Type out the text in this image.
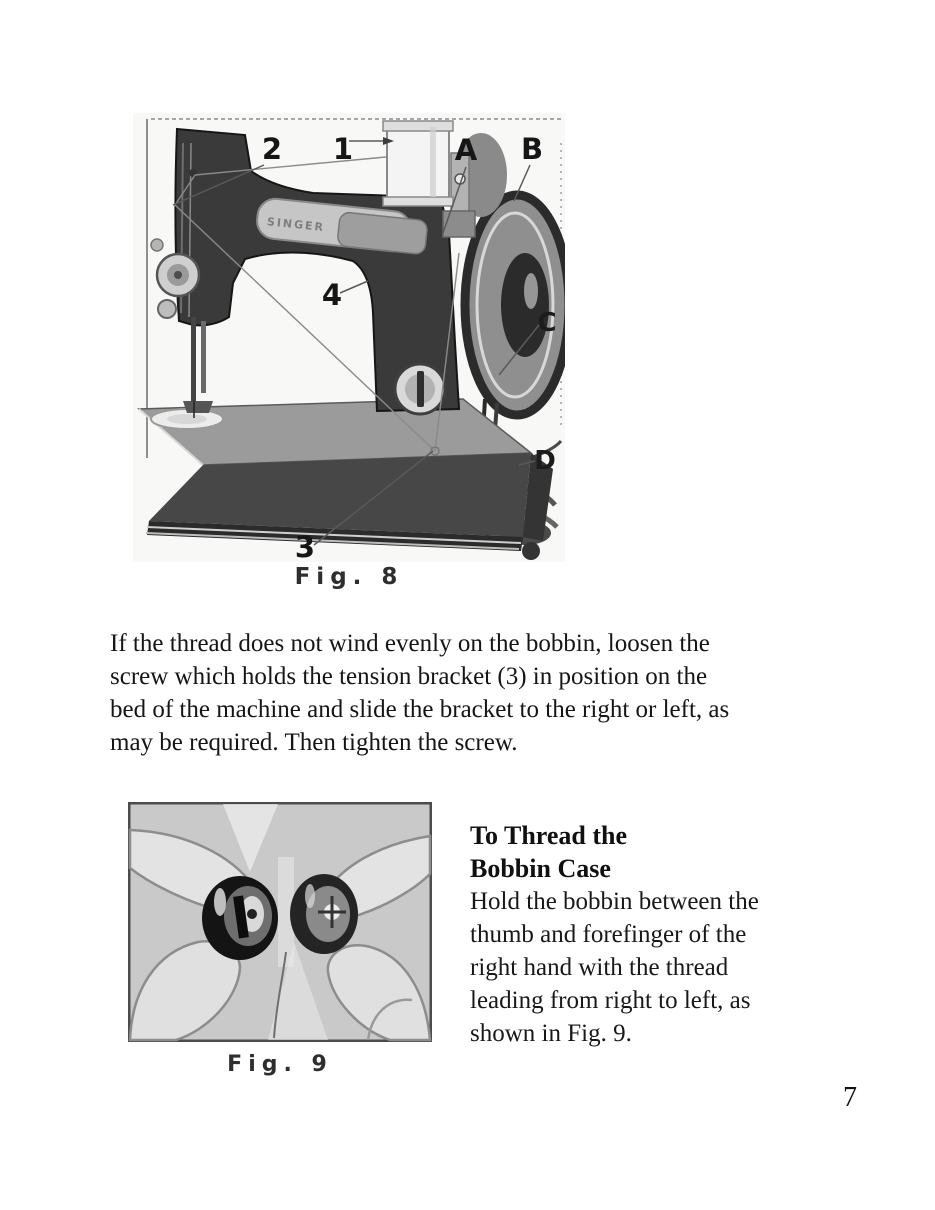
SINGER
2 1	A B
4
C
3
D
Fig. 8
If the thread does not wind evenly on the bobbin, loosen the
screw which holds the tension bracket (3) in position on the
bed of the machine and slide the bracket to the right or left, as
may be required. Then tighten the screw.
Fig. 9
To Thread the
Bobbin Case
Hold the bobbin between the
thumb and forefinger of the
right hand with the thread
leading from right to left, as
shown in Fig. 9.
7
